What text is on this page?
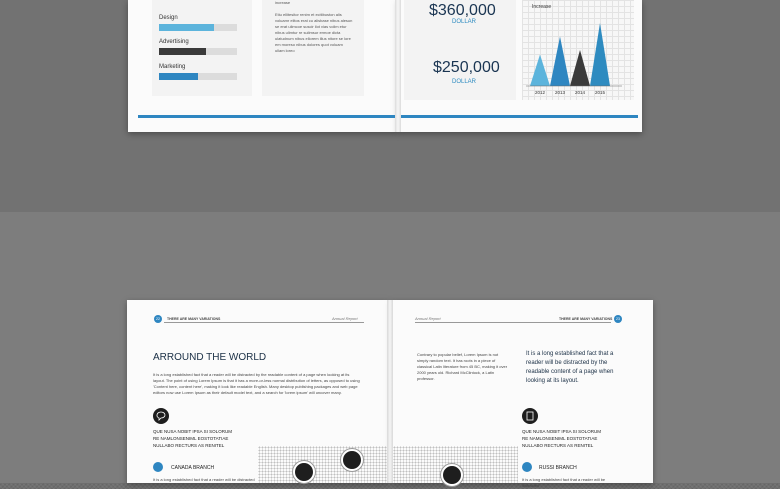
Design
Advertising
Marketing
increase
Etiu ellitesitor renim et ecitibuston alis voluamr elitos erat cu alisbase nibus alesun se erat ulimcoe suscir ilot vias volim etur nibus ulimtur re sulimsur ermoe dicta ulatudnum nibus ellorem illus nitore se lore em moreso nibus dolores quot voluam ullam loreo
$360,000
DOLLAR
$250,000
DOLLAR
Increase
2012 2013 2014 2015
22 THERE ARE MANY VARIATIONS	Annual Report
ARROUND THE WORLD
It is a long established fact that a reader will be distracted by the readable content of a page when looking at its layout. The point of using Lorem Ipsum is that it has a more-or-less normal distribution of letters, as opposed to using 'Content here, content here', making it look like readable English. Many desktop publishing packages and web page editors now use Lorem Ipsum as their default model text, and a search for 'lorem ipsum' will uncover many.
QUE NUSA NOBIT IPSA SI SOLORUM RE NAMLONSENIML EOSTOTATIAE NULLABO RECTURS AS RENITEL
CANADA BRANCH
It is a long established fact that a reader will be distracted
Annual Report	THERE ARE MANY VARIATIONS 23
Contrary to popular belief, Lorem Ipsum is not simply random text. It has roots in a piece of classical Latin literature from 45 BC, making it over 2000 years old. Richard McClintock, a Latin professor.
It is a long established fact that a reader will be distracted by the readable content of a page when looking at its layout.
QUE NUSA NOBIT IPSA SI SOLORUM RE NAMLONSENIML EOSTOTATIAE NULLABO RECTURS AS RENITEL
RUSSI BRANCH
It is a long established fact that a reader will be distracted
